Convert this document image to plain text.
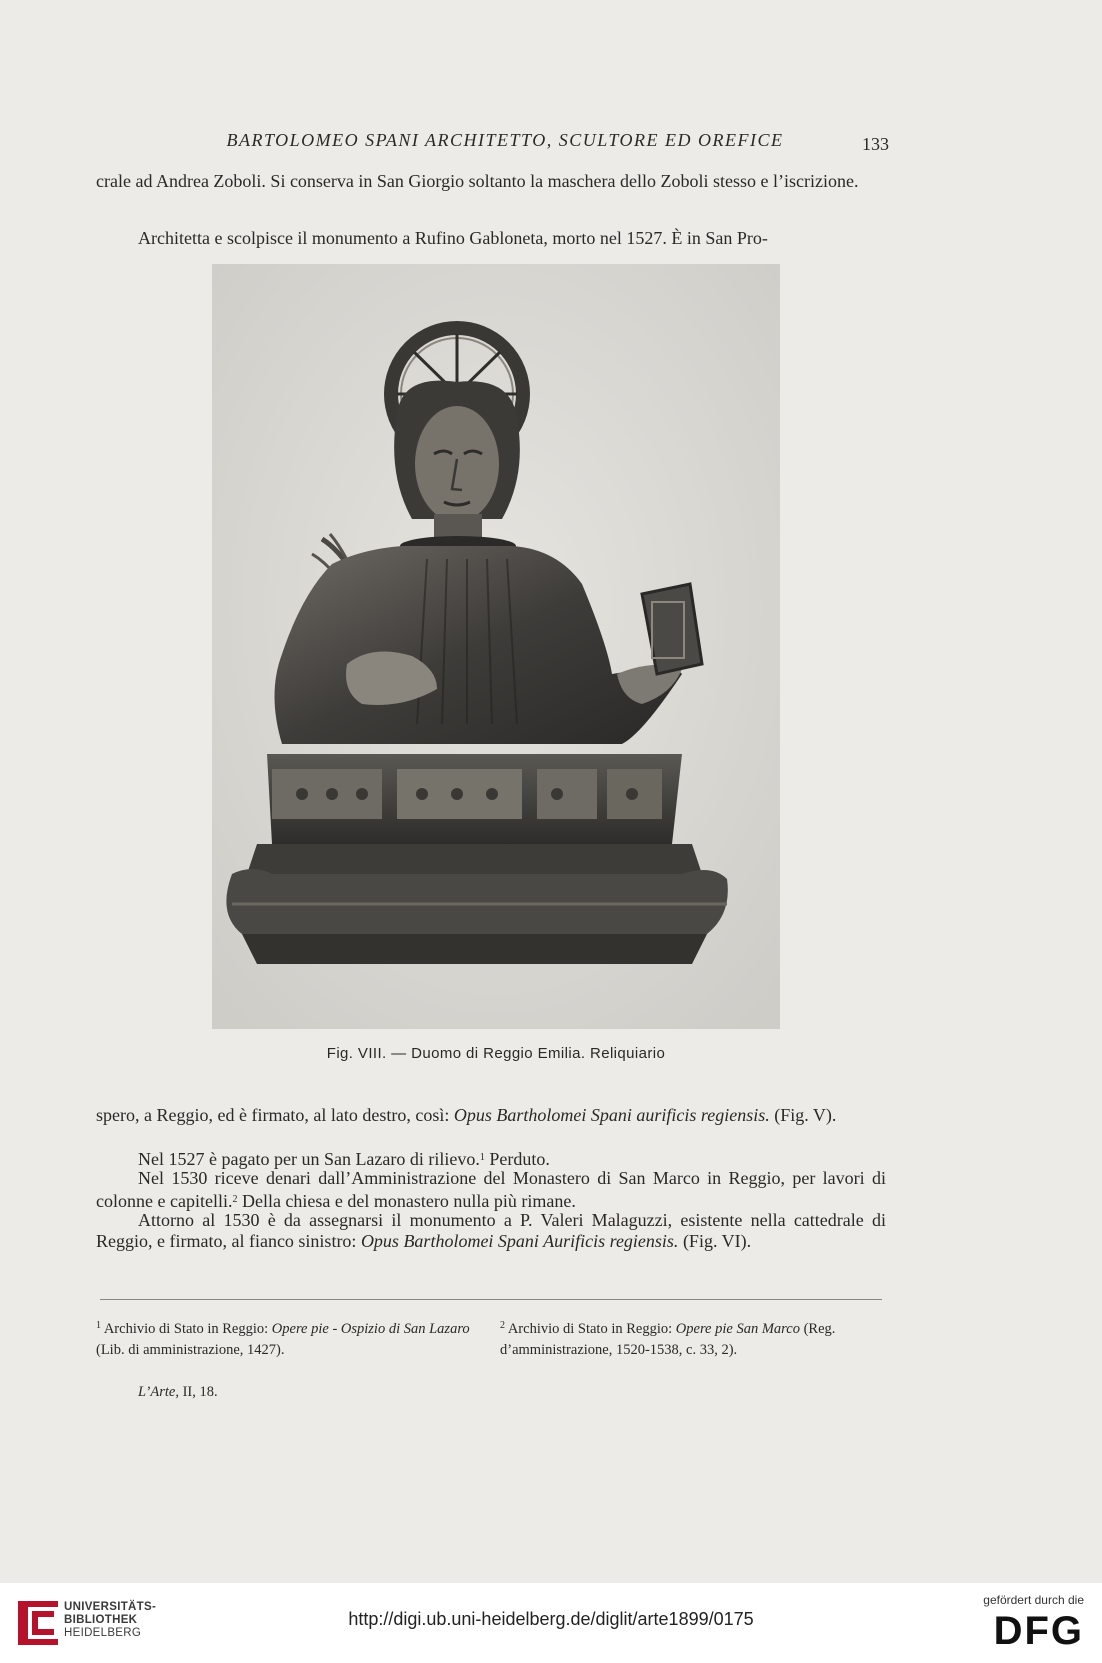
BARTOLOMEO SPANI ARCHITETTO, SCULTORE ED OREFICE	133
crale ad Andrea Zoboli. Si conserva in San Giorgio soltanto la maschera dello Zoboli stesso e l’iscrizione.
Architetta e scolpisce il monumento a Rufino Gabloneta, morto nel 1527. È in San Pro-
Fig. VIII. — Duomo di Reggio Emilia. Reliquiario
spero, a Reggio, ed è firmato, al lato destro, così: Opus Bartholomei Spani aurificis regiensis. (Fig. V).
Nel 1527 è pagato per un San Lazaro di rilievo.$^1$ Perduto.
Nel 1530 riceve denari dall’Amministrazione del Monastero di San Marco in Reggio, per lavori di colonne e capitelli.$^2$ Della chiesa e del monastero nulla più rimane.
Attorno al 1530 è da assegnarsi il monumento a P. Valeri Malaguzzi, esistente nella cattedrale di Reggio, e firmato, al fianco sinistro: Opus Bartholomei Spani Aurificis regiensis. (Fig. VI).
$^1$ Archivio di Stato in Reggio: Opere pie - Ospizio di San Lazaro (Lib. di amministrazione, 1427).
$^2$ Archivio di Stato in Reggio: Opere pie San Marco (Reg. d’amministrazione, 1520-1538, c. 33, 2).
L’Arte, II, 18.
UNIVERSITÄTS-
BIBLIOTHEK
HEIDELBERG
http://digi.ub.uni-heidelberg.de/diglit/arte1899/0175
gefördert durch die
DFG
